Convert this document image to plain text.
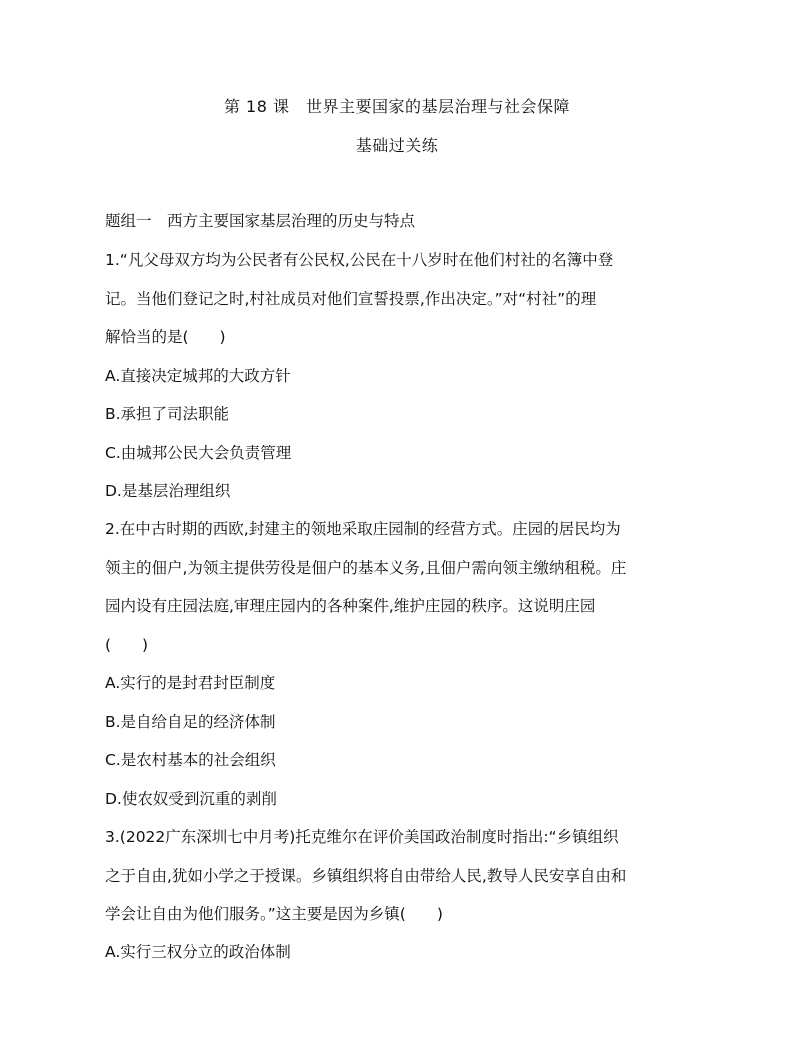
第 18 课　世界主要国家的基层治理与社会保障
基础过关练
题组一　西方主要国家基层治理的历史与特点
1.“凡父母双方均为公民者有公民权,公民在十八岁时在他们村社的名簿中登
记。当他们登记之时,村社成员对他们宣誓投票,作出决定。”对“村社”的理
解恰当的是(　　)
A.直接决定城邦的大政方针
B.承担了司法职能
C.由城邦公民大会负责管理
D.是基层治理组织
2.在中古时期的西欧,封建主的领地采取庄园制的经营方式。庄园的居民均为
领主的佃户,为领主提供劳役是佃户的基本义务,且佃户需向领主缴纳租税。庄
园内设有庄园法庭,审理庄园内的各种案件,维护庄园的秩序。这说明庄园
(　　)
A.实行的是封君封臣制度
B.是自给自足的经济体制
C.是农村基本的社会组织
D.使农奴受到沉重的剥削
3.(2022广东深圳七中月考)托克维尔在评价美国政治制度时指出:“乡镇组织
之于自由,犹如小学之于授课。乡镇组织将自由带给人民,教导人民安享自由和
学会让自由为他们服务。”这主要是因为乡镇(　　)
A.实行三权分立的政治体制
